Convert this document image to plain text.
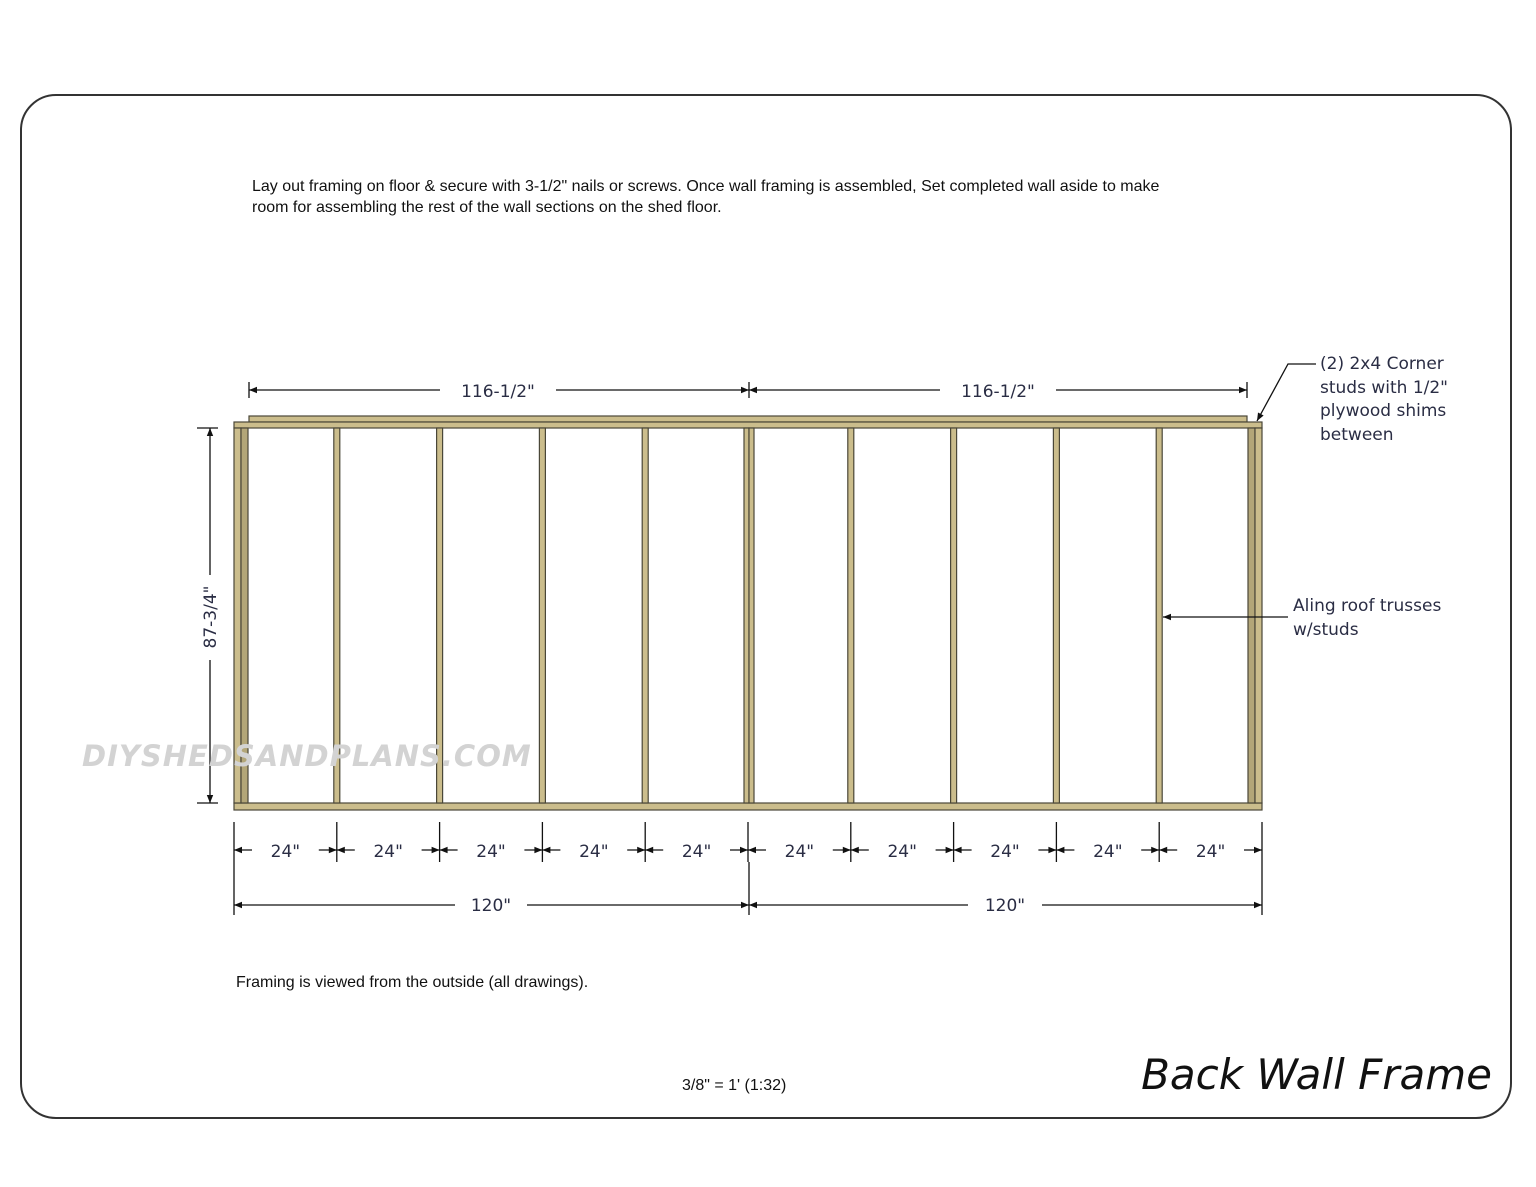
Lay out framing on floor & secure with 3-1/2" nails or screws. Once wall framing is assembled, Set completed wall aside to make room for assembling the rest of the wall sections on the shed floor.
116-1/2"	116-1/2"
87-3/4"
24"	24"	24"	24"	24"	24"	24"	24"	24"	24"
120"	120"
DIYSHEDSANDPLANS.COM
(2) 2x4 Corner
studs with 1/2"
plywood shims
between
Aling roof trusses
w/studs
Framing is viewed from the outside (all drawings).
3/8" = 1' (1:32)	Back Wall Frame
